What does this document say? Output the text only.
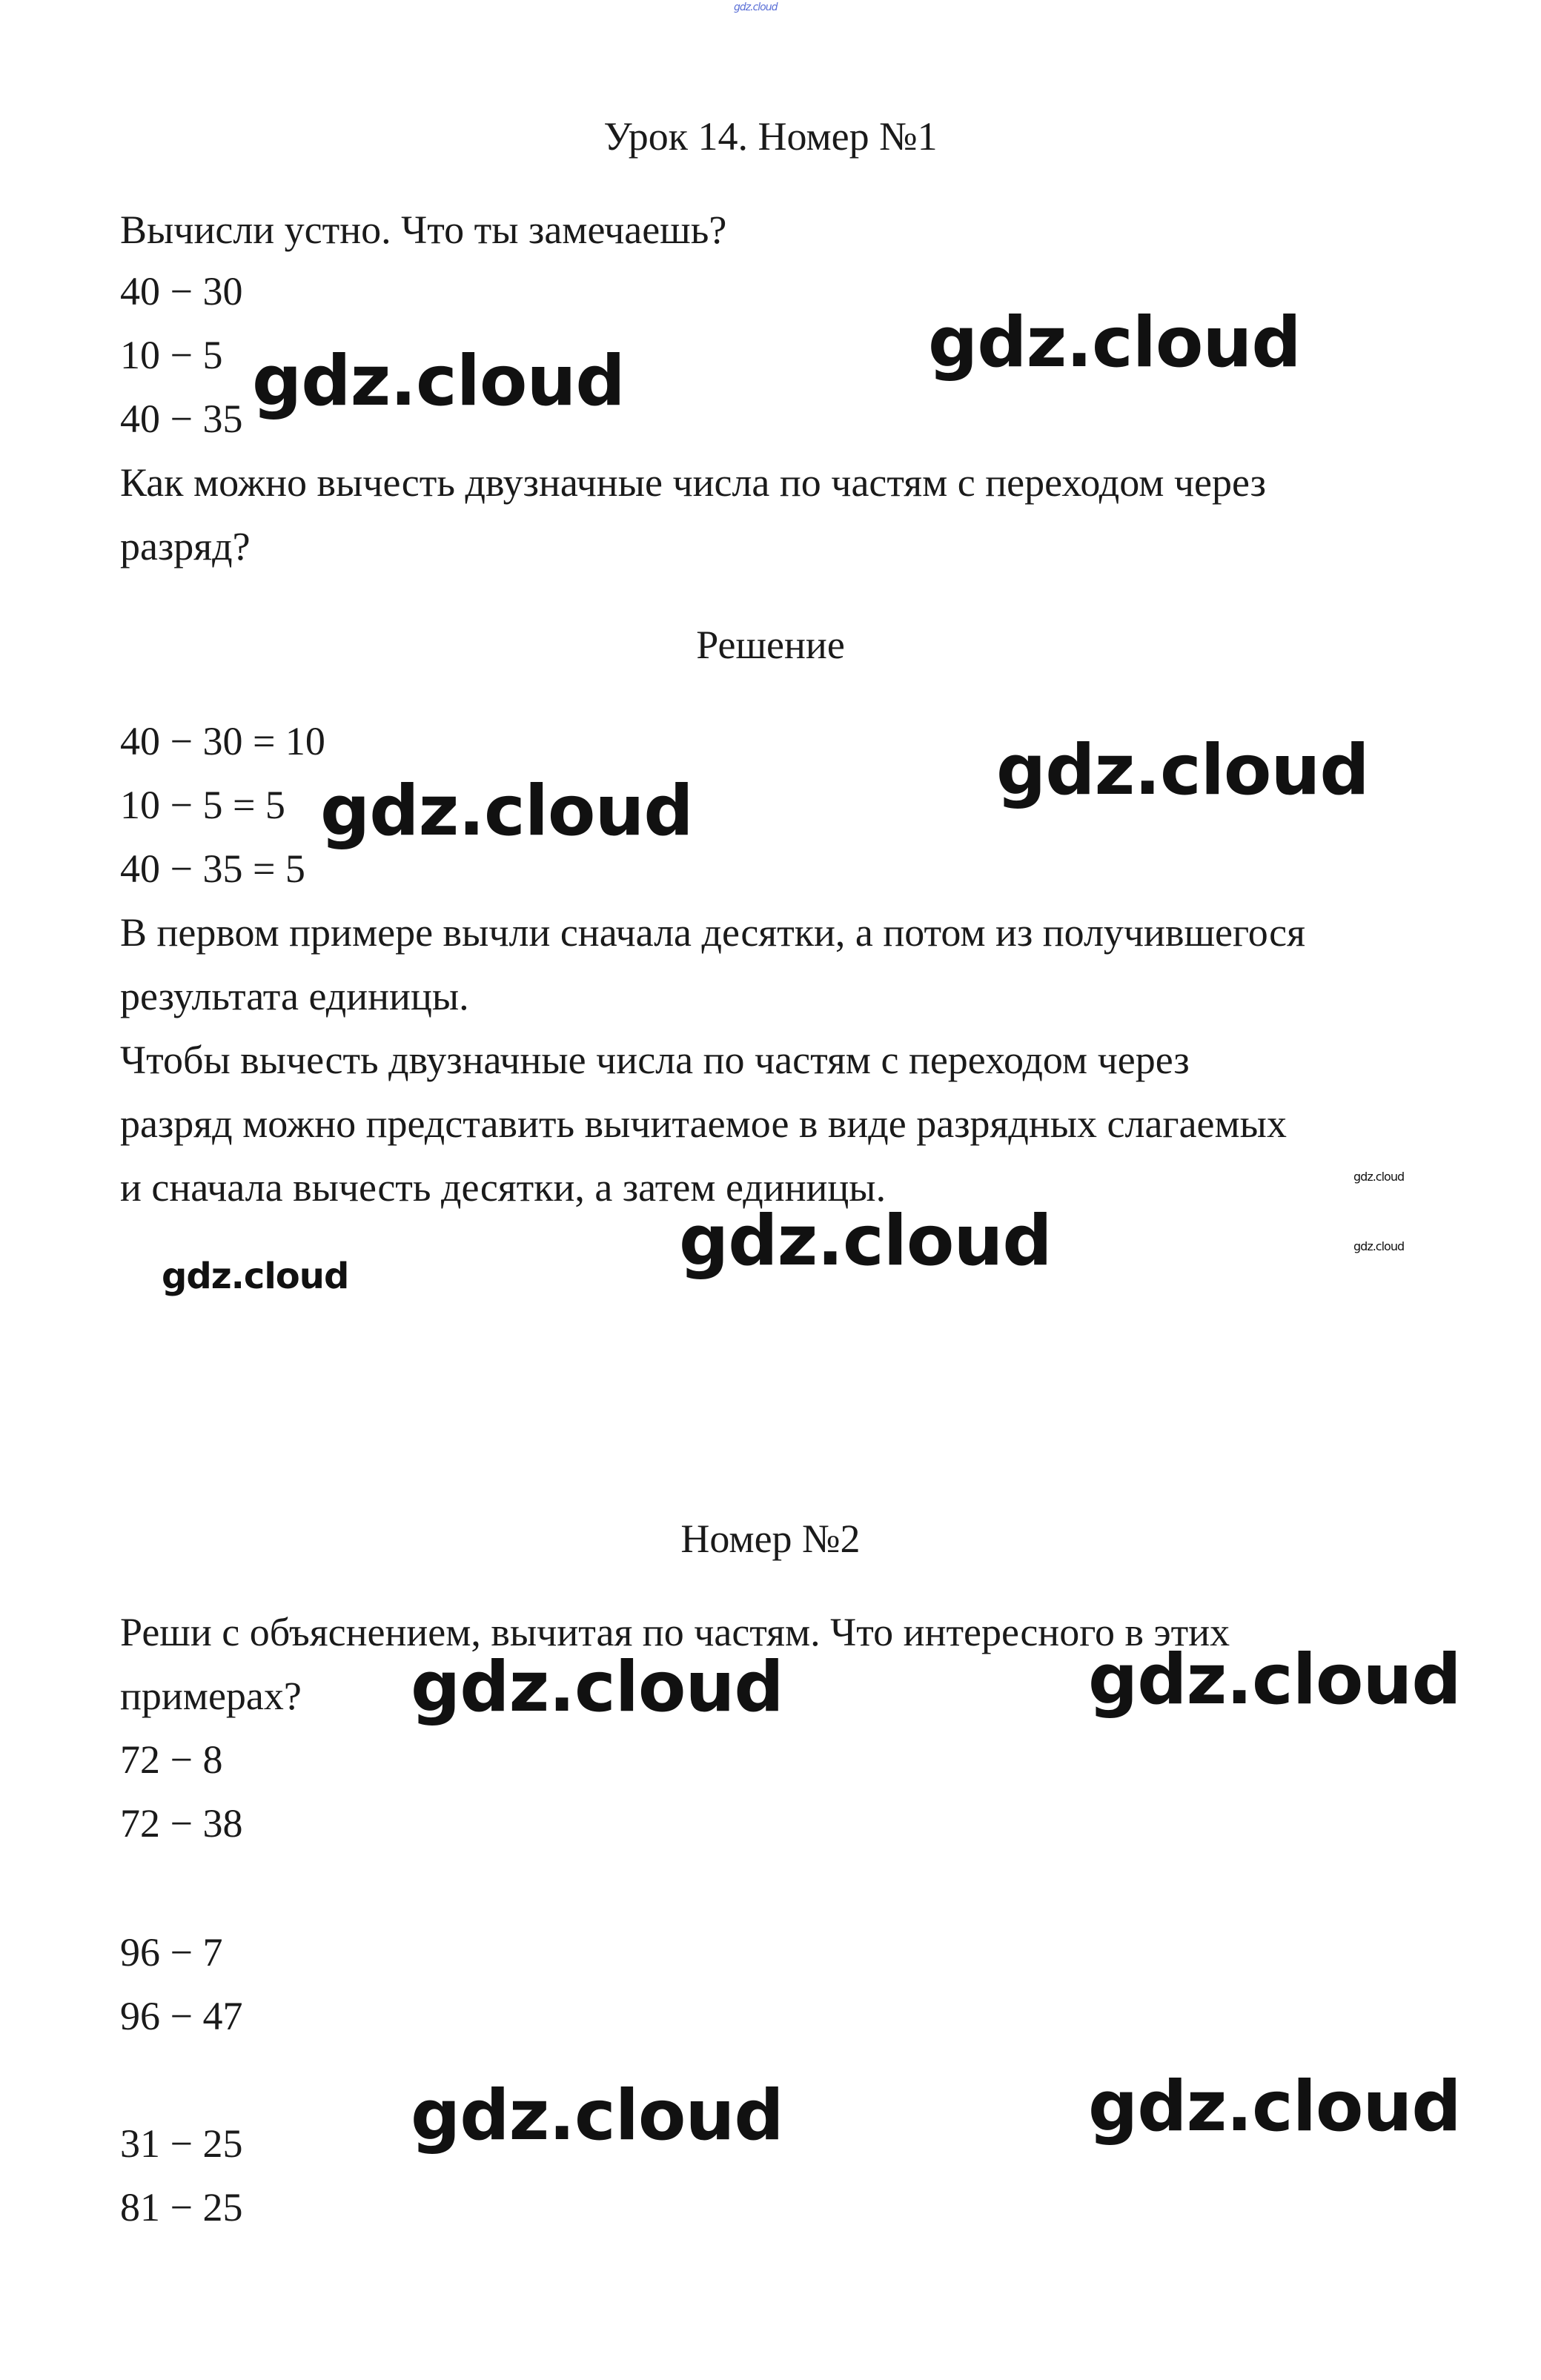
gdz.cloud

Урок 14. Номер №1

Вычисли устно. Что ты замечаешь?

40 − 30

10 − 5

40 − 35

Как можно вычесть двузначные числа по частям с переходом через

разряд?

Решение

40 − 30 = 10

10 − 5 = 5

40 − 35 = 5

В первом примере вычли сначала десятки, а потом из получившегося

результата единицы.

Чтобы вычесть двузначные числа по частям с переходом через

разряд можно представить вычитаемое в виде разрядных слагаемых

и сначала вычесть десятки, а затем единицы.

Номер №2

Реши с объяснением, вычитая по частям. Что интересного в этих

примерах?

72 − 8

72 − 38

96 − 7

96 − 47

31 − 25

81 − 25

gdz.cloud
gdz.cloud
gdz.cloud
gdz.cloud
gdz.cloud
gdz.cloud	gdz.cloud
gdz.cloud
gdz.cloud
gdz.cloud
gdz.cloud
gdz.cloud
